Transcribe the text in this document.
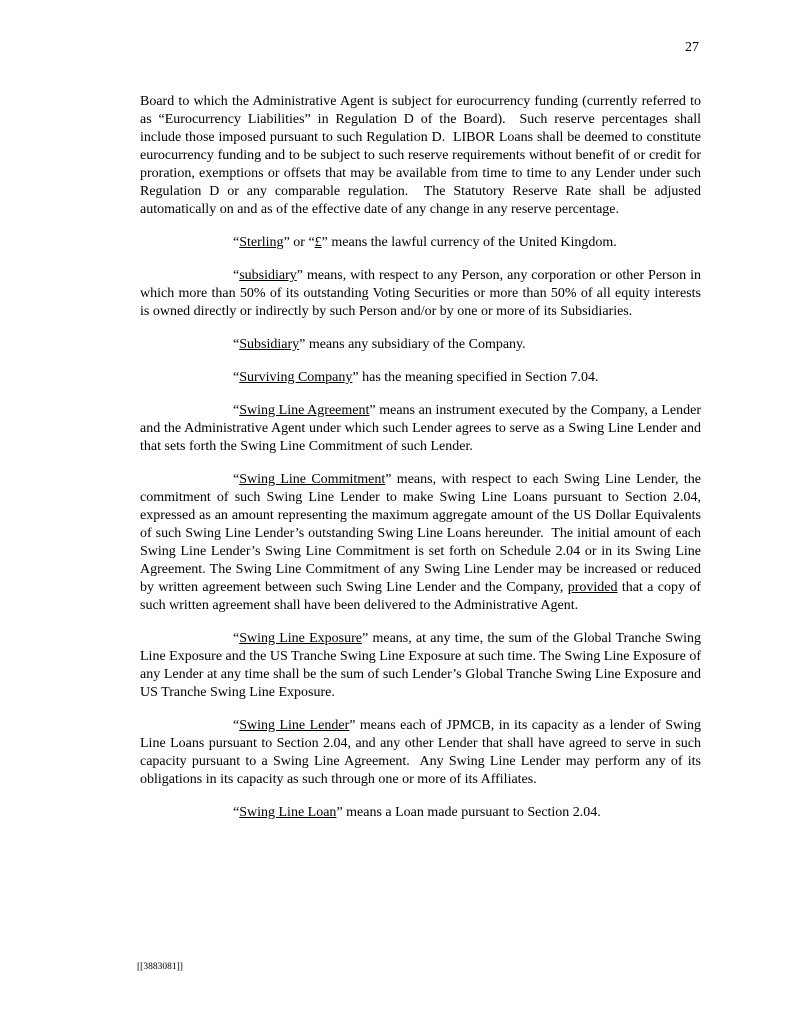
27

Board to which the Administrative Agent is subject for eurocurrency funding (currently referred to as “Eurocurrency Liabilities” in Regulation D of the Board).  Such reserve percentages shall include those imposed pursuant to such Regulation D.  LIBOR Loans shall be deemed to constitute eurocurrency funding and to be subject to such reserve requirements without benefit of or credit for proration, exemptions or offsets that may be available from time to time to any Lender under such Regulation D or any comparable regulation.  The Statutory Reserve Rate shall be adjusted automatically on and as of the effective date of any change in any reserve percentage.

“Sterling” or “£” means the lawful currency of the United Kingdom.

“subsidiary” means, with respect to any Person, any corporation or other Person in which more than 50% of its outstanding Voting Securities or more than 50% of all equity interests is owned directly or indirectly by such Person and/or by one or more of its Subsidiaries.

“Subsidiary” means any subsidiary of the Company.

“Surviving Company” has the meaning specified in Section 7.04.

“Swing Line Agreement” means an instrument executed by the Company, a Lender and the Administrative Agent under which such Lender agrees to serve as a Swing Line Lender and that sets forth the Swing Line Commitment of such Lender.

“Swing Line Commitment” means, with respect to each Swing Line Lender, the commitment of such Swing Line Lender to make Swing Line Loans pursuant to Section 2.04, expressed as an amount representing the maximum aggregate amount of the US Dollar Equivalents of such Swing Line Lender’s outstanding Swing Line Loans hereunder.  The initial amount of each Swing Line Lender’s Swing Line Commitment is set forth on Schedule 2.04 or in its Swing Line Agreement. The Swing Line Commitment of any Swing Line Lender may be increased or reduced by written agreement between such Swing Line Lender and the Company, provided that a copy of such written agreement shall have been delivered to the Administrative Agent.

“Swing Line Exposure” means, at any time, the sum of the Global Tranche Swing Line Exposure and the US Tranche Swing Line Exposure at such time. The Swing Line Exposure of any Lender at any time shall be the sum of such Lender’s Global Tranche Swing Line Exposure and US Tranche Swing Line Exposure.

“Swing Line Lender” means each of JPMCB, in its capacity as a lender of Swing Line Loans pursuant to Section 2.04, and any other Lender that shall have agreed to serve in such capacity pursuant to a Swing Line Agreement.  Any Swing Line Lender may perform any of its obligations in its capacity as such through one or more of its Affiliates.

“Swing Line Loan” means a Loan made pursuant to Section 2.04.

[[3883081]]
